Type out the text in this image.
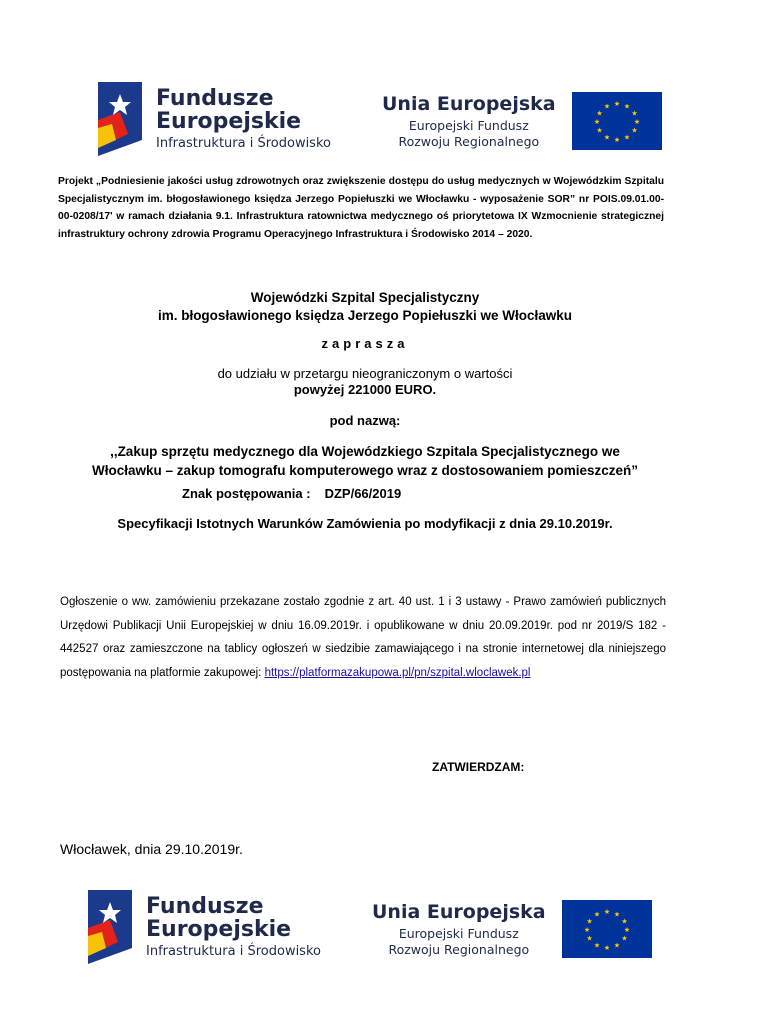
Fundusze
Europejskie
Infrastruktura i Środowisko
Unia Europejska
Europejski Fundusz
Rozwoju Regionalnego
★ ★
★
★
★
★
★
★
★
★
★
★
Projekt „Podniesienie jakości usług zdrowotnych oraz zwiększenie dostępu do usług medycznych w Wojewódzkim Szpitalu Specjalistycznym im. błogosławionego księdza Jerzego Popiełuszki we Włocławku - wyposażenie SOR” nr POIS.09.01.00-00-0208/17' w ramach działania 9.1. Infrastruktura ratownictwa medycznego oś priorytetowa IX Wzmocnienie strategicznej infrastruktury ochrony zdrowia Programu Operacyjnego Infrastruktura i Środowisko 2014 – 2020.
Wojewódzki Szpital Specjalistyczny
im. błogosławionego księdza Jerzego Popiełuszki we Włocławku
zaprasza
do udziału w przetargu nieograniczonym o wartości
powyżej 221000 EURO.
pod nazwą:
,,Zakup sprzętu medycznego dla Wojewódzkiego Szpitala Specjalistycznego we
Włocławku – zakup tomografu komputerowego wraz z dostosowaniem pomieszczeń”
Znak postępowania : DZP/66/2019
Specyfikacji Istotnych Warunków Zamówienia po modyfikacji z dnia 29.10.2019r.
Ogłoszenie o ww. zamówieniu przekazane zostało zgodnie z art. 40 ust. 1 i 3 ustawy - Prawo zamówień publicznych Urzędowi Publikacji Unii Europejskiej w dniu 16.09.2019r. i opublikowane w dniu 20.09.2019r. pod nr 2019/S 182 - 442527 oraz zamieszczone na tablicy ogłoszeń w siedzibie zamawiającego i na stronie internetowej dla niniejszego postępowania na platformie zakupowej: https://platformazakupowa.pl/pn/szpital.wloclawek.pl
ZATWIERDZAM:
Włocławek, dnia 29.10.2019r.
Fundusze
Europejskie
Infrastruktura i Środowisko
Unia Europejska
Europejski Fundusz
Rozwoju Regionalnego
★ ★
★
★
★
★
★
★
★
★
★
★
